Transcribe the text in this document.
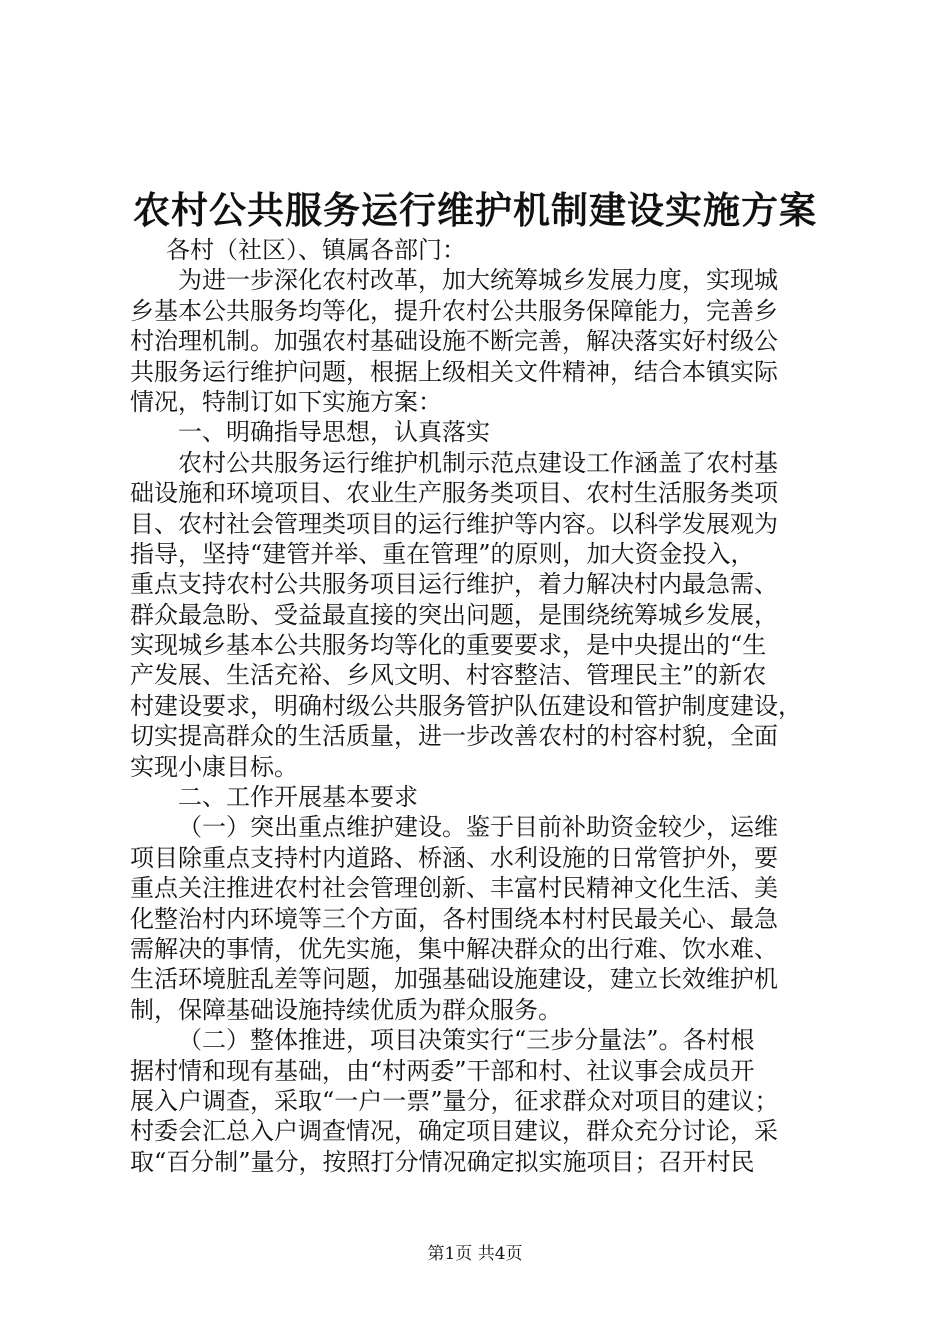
农村公共服务运行维护机制建设实施方案
各村（社区）、镇属各部门：
为进一步深化农村改革，加大统筹城乡发展力度，实现城
乡基本公共服务均等化，提升农村公共服务保障能力，完善乡
村治理机制。加强农村基础设施不断完善，解决落实好村级公
共服务运行维护问题，根据上级相关文件精神，结合本镇实际
情况，特制订如下实施方案：
一、明确指导思想，认真落实
农村公共服务运行维护机制示范点建设工作涵盖了农村基
础设施和环境项目、农业生产服务类项目、农村生活服务类项
目、农村社会管理类项目的运行维护等内容。以科学发展观为
指导，坚持“建管并举、重在管理”的原则，加大资金投入，
重点支持农村公共服务项目运行维护，着力解决村内最急需、
群众最急盼、受益最直接的突出问题，是围绕统筹城乡发展，
实现城乡基本公共服务均等化的重要要求，是中央提出的“生
产发展、生活充裕、乡风文明、村容整洁、管理民主”的新农
村建设要求，明确村级公共服务管护队伍建设和管护制度建设，
切实提高群众的生活质量，进一步改善农村的村容村貌，全面
实现小康目标。
二、工作开展基本要求
（一）突出重点维护建设。鉴于目前补助资金较少，运维
项目除重点支持村内道路、桥涵、水利设施的日常管护外，要
重点关注推进农村社会管理创新、丰富村民精神文化生活、美
化整治村内环境等三个方面，各村围绕本村村民最关心、最急
需解决的事情，优先实施，集中解决群众的出行难、饮水难、
生活环境脏乱差等问题，加强基础设施建设，建立长效维护机
制，保障基础设施持续优质为群众服务。
（二）整体推进，项目决策实行“三步分量法”。各村根
据村情和现有基础，由“村两委”干部和村、社议事会成员开
展入户调查，采取“一户一票”量分，征求群众对项目的建议；
村委会汇总入户调查情况，确定项目建议，群众充分讨论，采
取“百分制”量分，按照打分情况确定拟实施项目；召开村民
第1页 共4页
